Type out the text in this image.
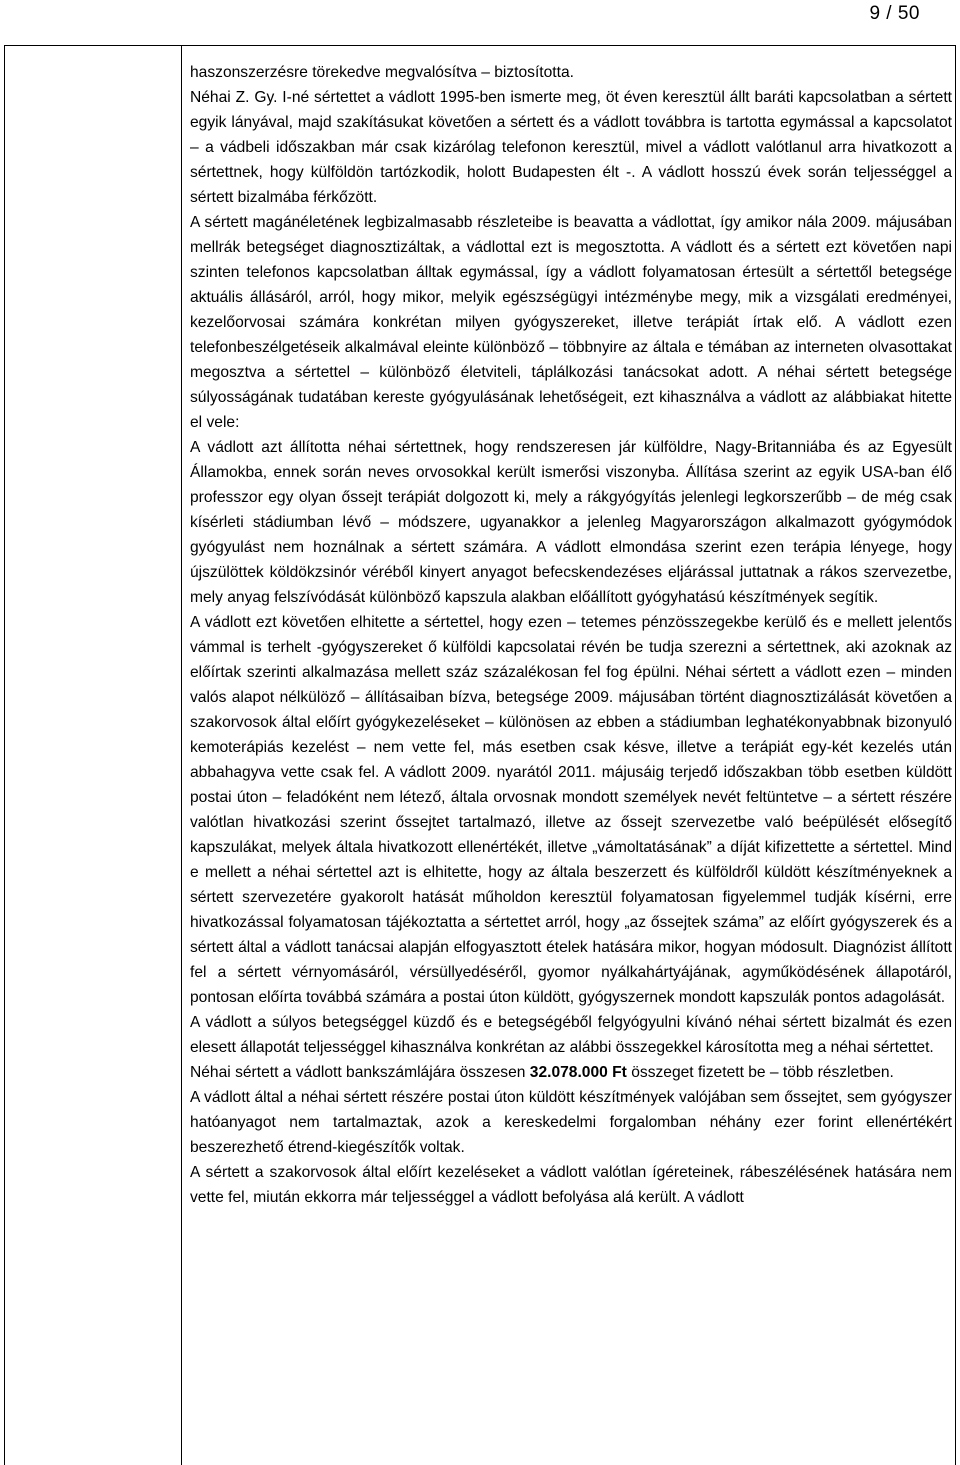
9 / 50

haszonszerzésre törekedve megvalósítva – biztosította.

Néhai Z. Gy. I-né sértettet a vádlott 1995-ben ismerte meg, öt éven keresztül állt baráti kapcsolatban a sértett egyik lányával, majd szakításukat követően a sértett és a vádlott továbbra is tartotta egymással a kapcsolatot – a vádbeli időszakban már csak kizárólag telefonon keresztül, mivel a vádlott valótlanul arra hivatkozott a sértettnek, hogy külföldön tartózkodik, holott Budapesten élt -. A vádlott hosszú évek során teljességgel a sértett bizalmába férkőzött.

A sértett magánéletének legbizalmasabb részleteibe is beavatta a vádlottat, így amikor nála 2009. májusában mellrák betegséget diagnosztizáltak, a vádlottal ezt is megosztotta. A vádlott és a sértett ezt követően napi szinten telefonos kapcsolatban álltak egymással, így a vádlott folyamatosan értesült a sértettől betegsége aktuális állásáról, arról, hogy mikor, melyik egészségügyi intézménybe megy, mik a vizsgálati eredményei, kezelőorvosai számára konkrétan milyen gyógyszereket, illetve terápiát írtak elő. A vádlott ezen telefonbeszélgetéseik alkalmával eleinte különböző – többnyire az általa e témában az interneten olvasottakat megosztva a sértettel – különböző életviteli, táplálkozási tanácsokat adott. A néhai sértett betegsége súlyosságának tudatában kereste gyógyulásának lehetőségeit, ezt kihasználva a vádlott az alábbiakat hitette el vele:

A vádlott azt állította néhai sértettnek, hogy rendszeresen jár külföldre, Nagy-Britanniába és az Egyesült Államokba, ennek során neves orvosokkal került ismerősi viszonyba. Állítása szerint az egyik USA-ban élő professzor egy olyan őssejt terápiát dolgozott ki, mely a rákgyógyítás jelenlegi legkorszerűbb – de még csak kísérleti stádiumban lévő – módszere, ugyanakkor a jelenleg Magyarországon alkalmazott gyógymódok gyógyulást nem hoználnak a sértett számára. A vádlott elmondása szerint ezen terápia lényege, hogy újszülöttek köldökzsinór véréből kinyert anyagot befecskendezéses eljárással juttatnak a rákos szervezetbe, mely anyag felszívódását különböző kapszula alakban előállított gyógyhatású készítmények segítik.

A vádlott ezt követően elhitette a sértettel, hogy ezen – tetemes pénzösszegekbe kerülő és e mellett jelentős vámmal is terhelt -gyógyszereket ő külföldi kapcsolatai révén be tudja szerezni a sértettnek, aki azoknak az előírtak szerinti alkalmazása mellett száz százalékosan fel fog épülni. Néhai sértett a vádlott ezen – minden valós alapot nélkülöző – állításaiban bízva, betegsége 2009. májusában történt diagnosztizálását követően a szakorvosok által előírt gyógykezeléseket – különösen az ebben a stádiumban leghatékonyabbnak bizonyuló kemoterápiás kezelést – nem vette fel, más esetben csak késve, illetve a terápiát egy-két kezelés után abbahagyva vette csak fel. A vádlott 2009. nyarától 2011. májusáig terjedő időszakban több esetben küldött postai úton – feladóként nem létező, általa orvosnak mondott személyek nevét feltüntetve – a sértett részére valótlan hivatkozási szerint őssejtet tartalmazó, illetve az őssejt szervezetbe való beépülését elősegítő kapszulákat, melyek általa hivatkozott ellenértékét, illetve „vámoltatásának” a díját kifizettette a sértettel. Mind e mellett a néhai sértettel azt is elhitette, hogy az általa beszerzett és külföldről küldött készítményeknek a sértett szervezetére gyakorolt hatását műholdon keresztül folyamatosan figyelemmel tudják kísérni, erre hivatkozással folyamatosan tájékoztatta a sértettet arról, hogy „az őssejtek száma” az előírt gyógyszerek és a sértett által a vádlott tanácsai alapján elfogyasztott ételek hatására mikor, hogyan módosult. Diagnózist állított fel a sértett vérnyomásáról, vérsüllyedéséről, gyomor nyálkahártyájának, agyműködésének állapotáról, pontosan előírta továbbá számára a postai úton küldött, gyógyszernek mondott kapszulák pontos adagolását.

A vádlott a súlyos betegséggel küzdő és e betegségéből felgyógyulni kívánó néhai sértett bizalmát és ezen elesett állapotát teljességgel kihasználva konkrétan az alábbi összegekkel károsította meg a néhai sértettet.

Néhai sértett a vádlott bankszámlájára összesen 32.078.000 Ft összeget fizetett be – több részletben.

A vádlott által a néhai sértett részére postai úton küldött készítmények valójában sem őssejtet, sem gyógyszer hatóanyagot nem tartalmaztak, azok a kereskedelmi forgalomban néhány ezer forint ellenértékért beszerezhető étrend-kiegészítők voltak.

A sértett a szakorvosok által előírt kezeléseket a vádlott valótlan ígéreteinek, rábeszélésének hatására nem vette fel, miután ekkorra már teljességgel a vádlott befolyása alá került. A vádlott
